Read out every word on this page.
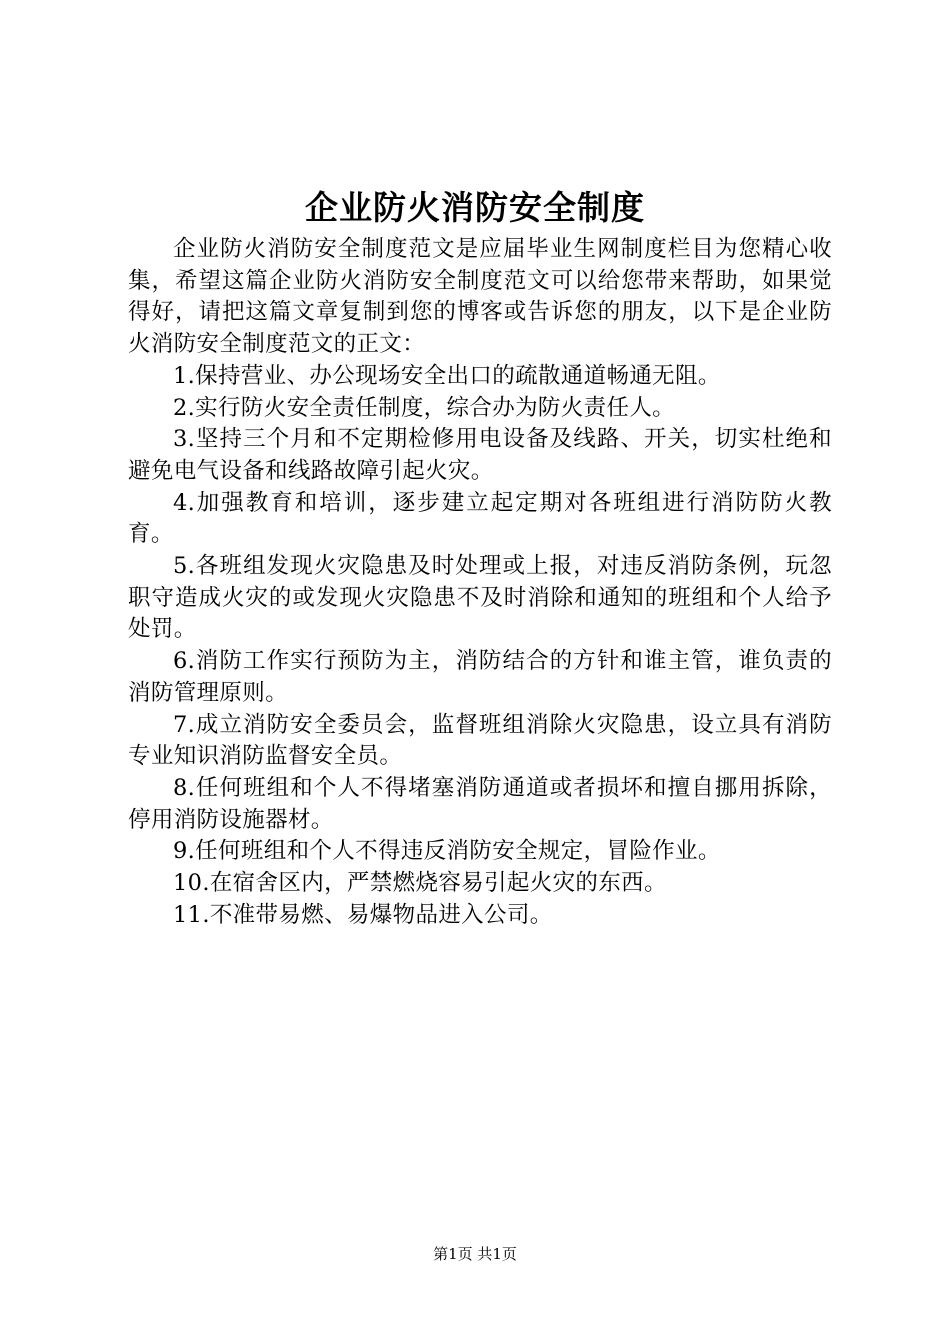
企业防火消防安全制度

企业防火消防安全制度范文是应届毕业生网制度栏目为您精心收集，希望这篇企业防火消防安全制度范文可以给您带来帮助，如果觉得好，请把这篇文章复制到您的博客或告诉您的朋友，以下是企业防火消防安全制度范文的正文：

1.保持营业、办公现场安全出口的疏散通道畅通无阻。

2.实行防火安全责任制度，综合办为防火责任人。

3.坚持三个月和不定期检修用电设备及线路、开关，切实杜绝和避免电气设备和线路故障引起火灾。

4.加强教育和培训，逐步建立起定期对各班组进行消防防火教育。

5.各班组发现火灾隐患及时处理或上报，对违反消防条例，玩忽职守造成火灾的或发现火灾隐患不及时消除和通知的班组和个人给予处罚。

6.消防工作实行预防为主，消防结合的方针和谁主管，谁负责的消防管理原则。

7.成立消防安全委员会，监督班组消除火灾隐患，设立具有消防专业知识消防监督安全员。

8.任何班组和个人不得堵塞消防通道或者损坏和擅自挪用拆除，停用消防设施器材。

9.任何班组和个人不得违反消防安全规定，冒险作业。

10.在宿舍区内，严禁燃烧容易引起火灾的东西。

11.不准带易燃、易爆物品进入公司。

第1页 共1页
